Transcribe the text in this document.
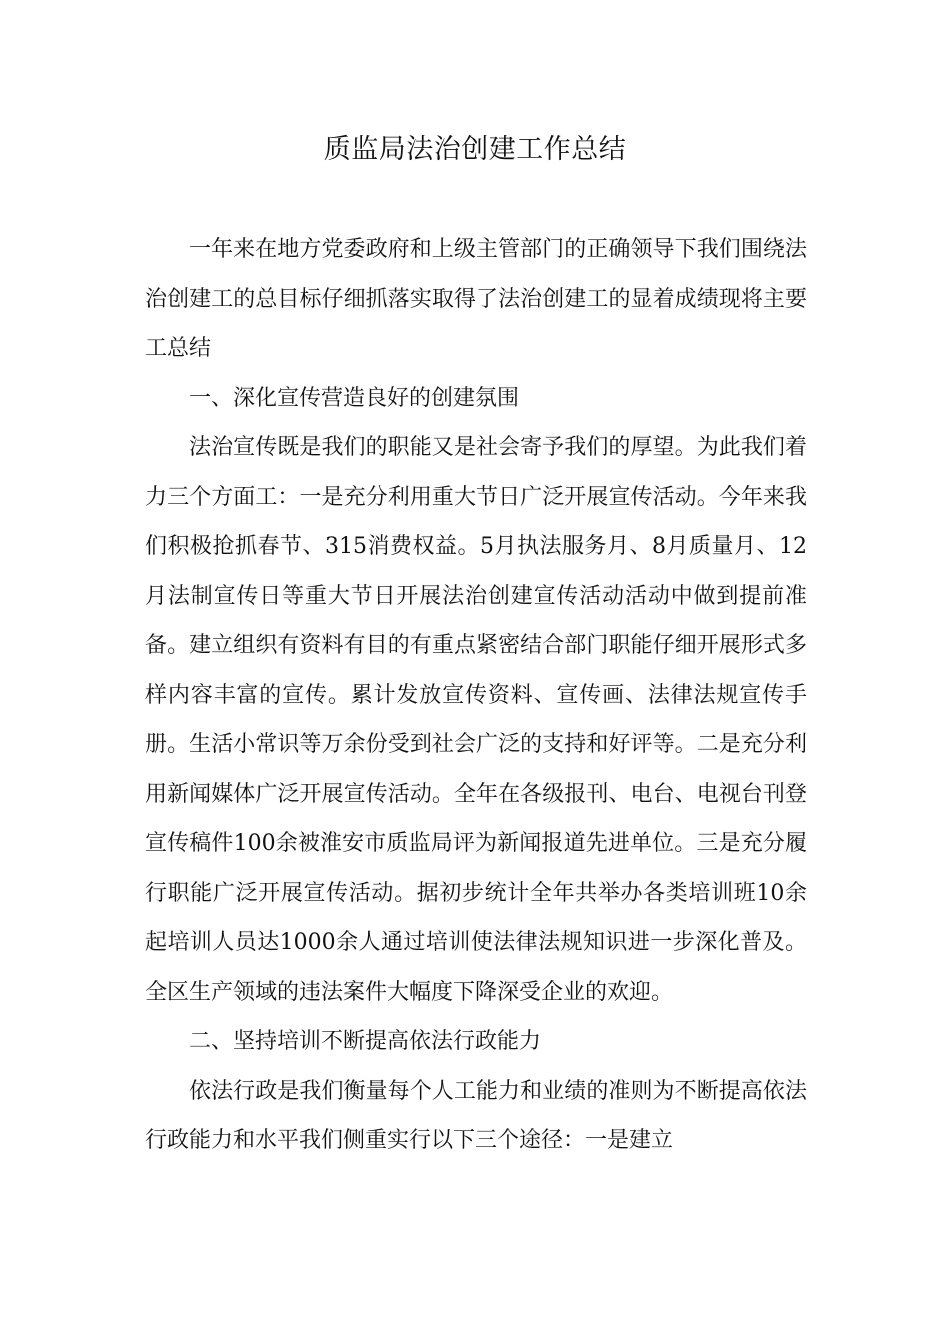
质监局法治创建工作总结

一年来在地方党委政府和上级主管部门的正确领导下我们围绕法治创建工的总目标仔细抓落实取得了法治创建工的显着成绩现将主要工总结

一、深化宣传营造良好的创建氛围

法治宣传既是我们的职能又是社会寄予我们的厚望。为此我们着力三个方面工：一是充分利用重大节日广泛开展宣传活动。今年来我们积极抢抓春节、315消费权益。5月执法服务月、8月质量月、12月法制宣传日等重大节日开展法治创建宣传活动活动中做到提前准备。建立组织有资料有目的有重点紧密结合部门职能仔细开展形式多样内容丰富的宣传。累计发放宣传资料、宣传画、法律法规宣传手册。生活小常识等万余份受到社会广泛的支持和好评等。二是充分利用新闻媒体广泛开展宣传活动。全年在各级报刊、电台、电视台刊登宣传稿件100余被淮安市质监局评为新闻报道先进单位。三是充分履行职能广泛开展宣传活动。据初步统计全年共举办各类培训班10余起培训人员达1000余人通过培训使法律法规知识进一步深化普及。全区生产领域的违法案件大幅度下降深受企业的欢迎。

二、坚持培训不断提高依法行政能力

依法行政是我们衡量每个人工能力和业绩的准则为不断提高依法行政能力和水平我们侧重实行以下三个途径：一是建立
